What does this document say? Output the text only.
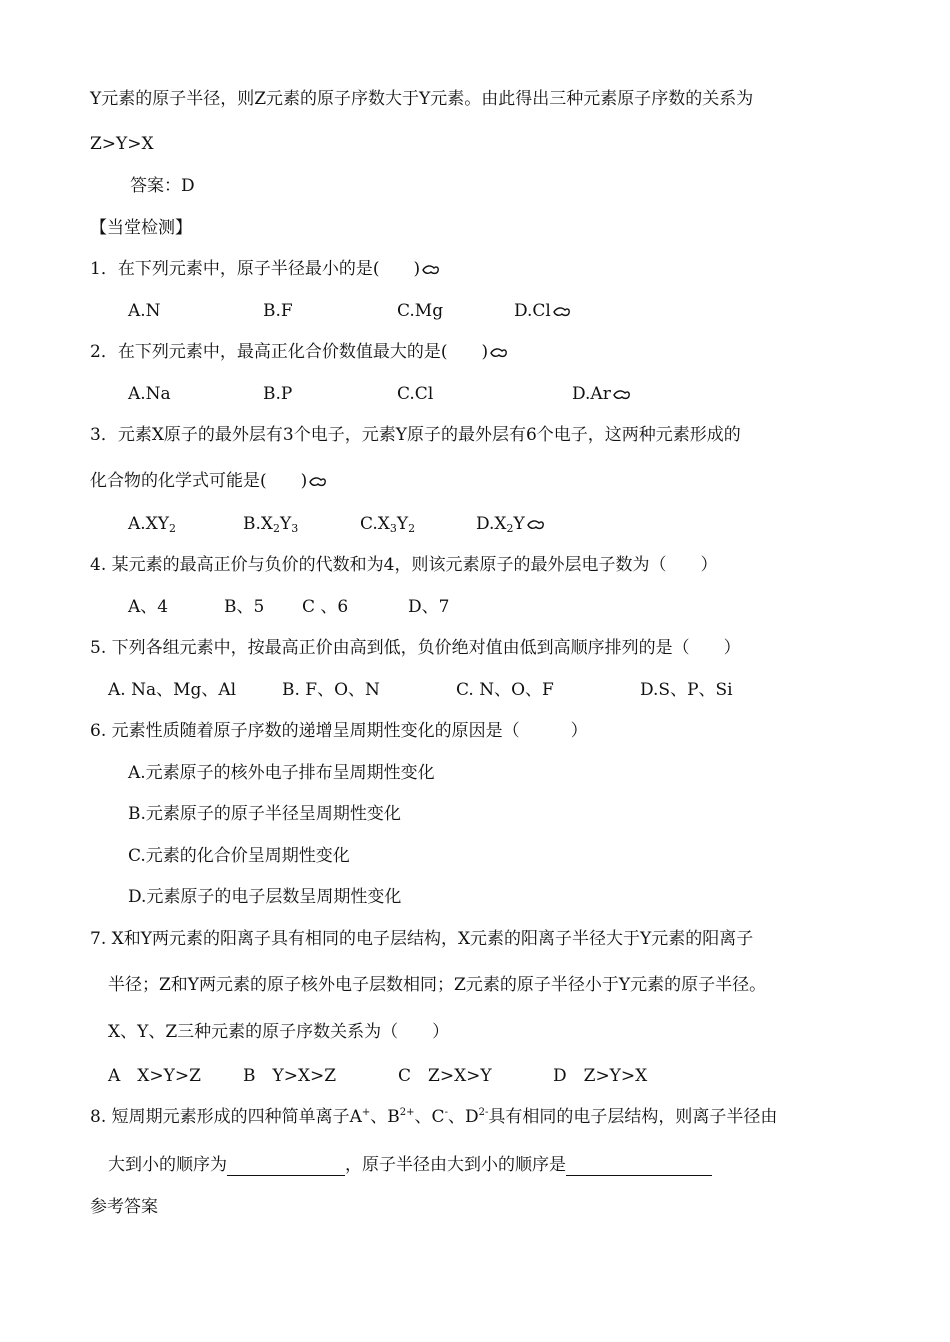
Y元素的原子半径，则Z元素的原子序数大于Y元素。由此得出三种元素原子序数的关系为
Z>Y>X
答案：D
【当堂检测】
1．在下列元素中，原子半径最小的是(　　)
A.N	B.F	C.Mg	D.Cl
2．在下列元素中，最高正化合价数值最大的是(　　)
A.Na	B.P	C.Cl	D.Ar
3．元素X原子的最外层有3个电子，元素Y原子的最外层有6个电子，这两种元素形成的
化合物的化学式可能是(　　)
$A.XY_2$	$B.X_2Y_3$	$C.X_3Y_2$	$D.X_2Y$
4. 某元素的最高正价与负价的代数和为4，则该元素原子的最外层电子数为（　　）
A、4	B、5 C 、6	D、7
5. 下列各组元素中，按最高正价由高到低，负价绝对值由低到高顺序排列的是（　　）
A. Na、Mg、Al	B. F、O、N	C. N、O、F	D.S、P、Si
6. 元素性质随着原子序数的递增呈周期性变化的原因是（　　　）
A.元素原子的核外电子排布呈周期性变化
B.元素原子的原子半径呈周期性变化
C.元素的化合价呈周期性变化
D.元素原子的电子层数呈周期性变化
7. X和Y两元素的阳离子具有相同的电子层结构，X元素的阳离子半径大于Y元素的阳离子
半径；Z和Y两元素的原子核外电子层数相同；Z元素的原子半径小于Y元素的原子半径。
X、Y、Z三种元素的原子序数关系为（　　）
A　X>Y>Z B　Y>X>Z	C　Z>X>Y	D　Z>Y>X
8. 短周期元素形成的四种简单离子A+、$B^{2+}$、C-、$D^{2-}$具有相同的电子层结构，则离子半径由
大到小的顺序为	，原子半径由大到小的顺序是
参考答案
